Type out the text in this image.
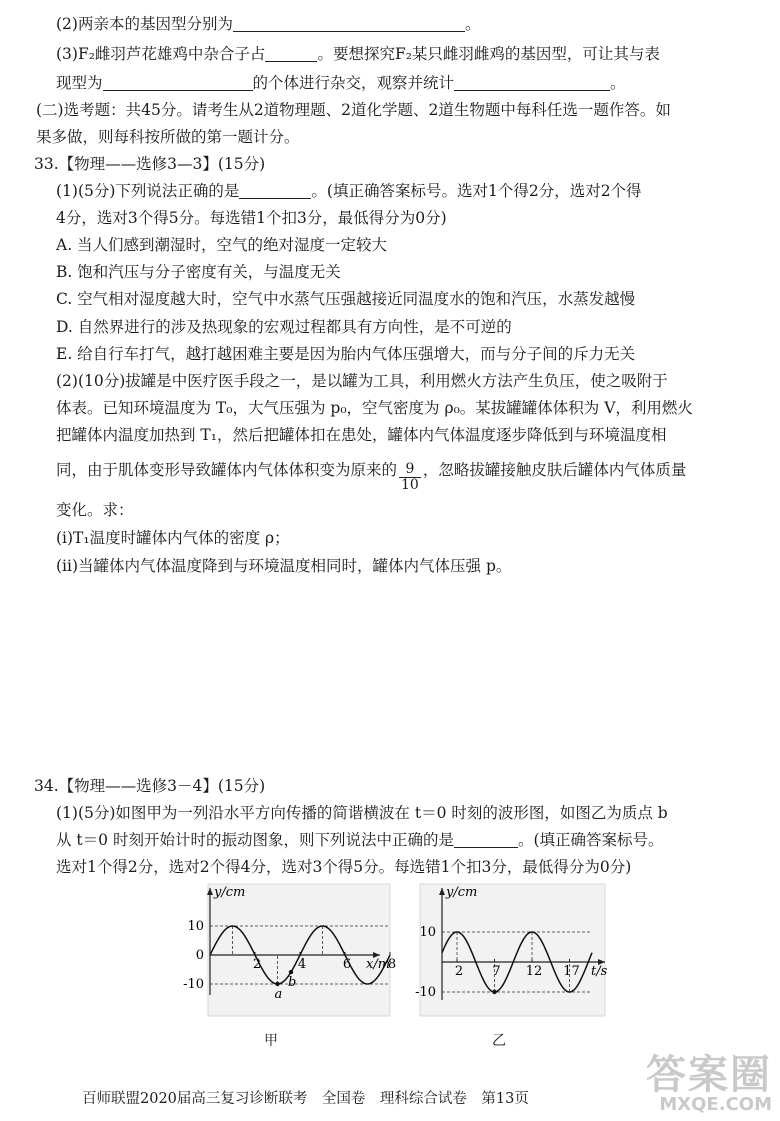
(2)两亲本的基因型分别为	。
(3)F₂雌羽芦花雄鸡中杂合子占	。要想探究F₂某只雌羽雌鸡的基因型，可让其与表
现型为	的个体进行杂交，观察并统计	。
(二)选考题：共45分。请考生从2道物理题、2道化学题、2道生物题中每科任选一题作答。如
果多做，则每科按所做的第一题计分。
33.【物理——选修3—3】(15分)
(1)(5分)下列说法正确的是	。(填正确答案标号。选对1个得2分，选对2个得
4分，选对3个得5分。每选错1个扣3分，最低得分为0分)
A. 当人们感到潮湿时，空气的绝对湿度一定较大
B. 饱和汽压与分子密度有关，与温度无关
C. 空气相对湿度越大时，空气中水蒸气压强越接近同温度水的饱和汽压，水蒸发越慢
D. 自然界进行的涉及热现象的宏观过程都具有方向性，是不可逆的
E. 给自行车打气，越打越困难主要是因为胎内气体压强增大，而与分子间的斥力无关
(2)(10分)拔罐是中医疗医手段之一，是以罐为工具，利用燃火方法产生负压，使之吸附于
体表。已知环境温度为 T₀，大气压强为 p₀，空气密度为 ρ₀。某拔罐罐体体积为 V，利用燃火
把罐体内温度加热到 T₁，然后把罐体扣在患处，罐体内气体温度逐步降低到与环境温度相
同，由于肌体变形导致罐体内气体体积变为原来的 $\frac{9}{10}$ ，忽略拔罐接触皮肤后罐体内气体质量
变化。求：
(i)T₁温度时罐体内气体的密度 ρ；
(ii)当罐体内气体温度降到与环境温度相同时，罐体内气体压强 p。
34.【物理——选修3－4】(15分)
(1)(5分)如图甲为一列沿水平方向传播的简谐横波在 t＝0 时刻的波形图，如图乙为质点 b
从 t＝0 时刻开始计时的振动图象，则下列说法中正确的是	。(填正确答案标号。
选对1个得2分，选对2个得4分，选对3个得5分。每选错1个扣3分，最低得分为0分)
y/cm
x/m
10
0
-10
2	4	6	8
b
a
y/cm
t/s
10
-10
2 7 12 17
甲	乙
百师联盟2020届高三复习诊断联考　全国卷　理科综合试卷　第13页
答案圈
MXQE.COM
